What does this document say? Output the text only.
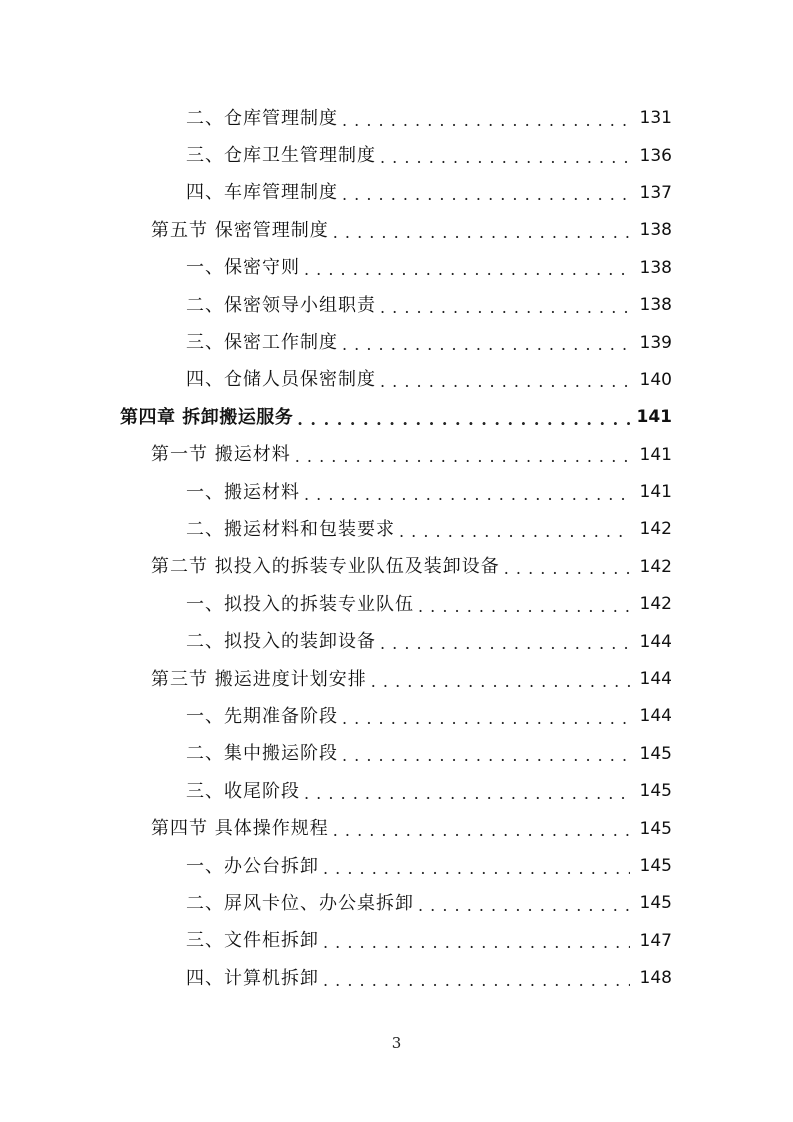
二、仓库管理制度 . . .	131
三、仓库卫生管理制度 . . .	136
四、车库管理制度 . . .	137
第五节 保密管理制度 . . .	138
一、保密守则 . . .	138
二、保密领导小组职责 . . .	138
三、保密工作制度 . . .	139
四、仓储人员保密制度 . . .	140
第四章 拆卸搬运服务 . . .	141
第一节 搬运材料 . . .	141
一、搬运材料 . . .	141
二、搬运材料和包装要求 . . .	142
第二节 拟投入的拆装专业队伍及装卸设备 . . .	142
一、拟投入的拆装专业队伍 . . .	142
二、拟投入的装卸设备 . . .	144
第三节 搬运进度计划安排 . . .	144
一、先期准备阶段 . . .	144
二、集中搬运阶段 . . .	145
三、收尾阶段 . . .	145
第四节 具体操作规程 . . .	145
一、办公台拆卸 . . .	145
二、屏风卡位、办公桌拆卸 . . .	145
三、文件柜拆卸 . . .	147
四、计算机拆卸 . . .	148
3
